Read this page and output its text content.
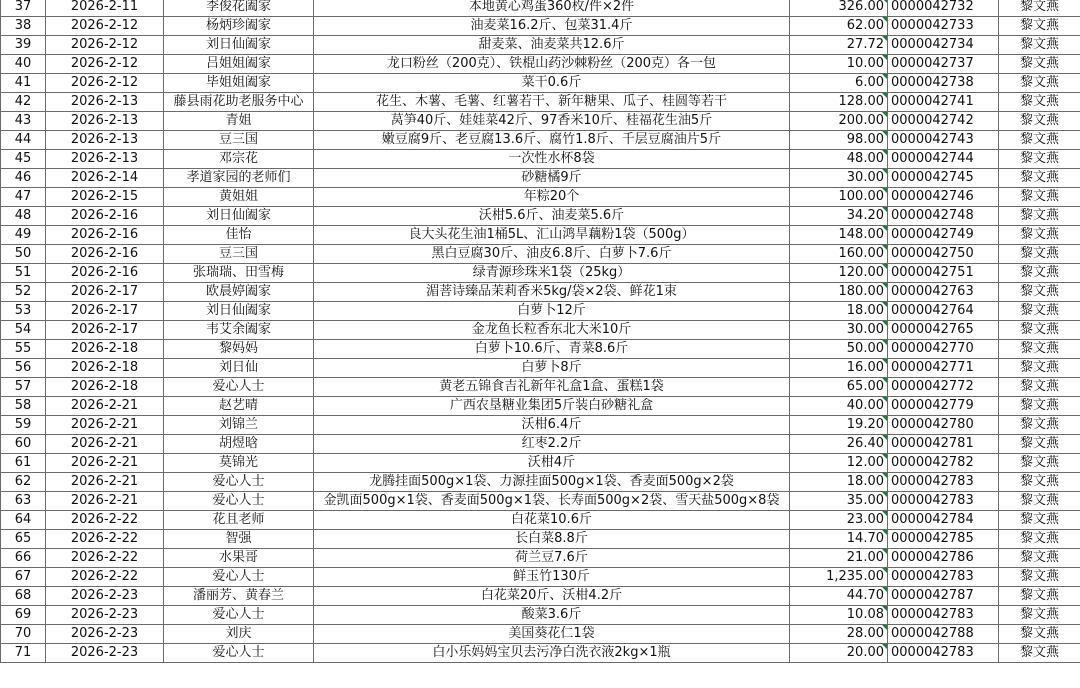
37	2026-2-11	李俊花阖家	本地黄心鸡蛋360枚/件×2件	326.00	0000042732	黎文燕
38	2026-2-12	杨炳珍阖家	油麦菜16.2斤、包菜31.4斤	62.00	0000042733	黎文燕
39	2026-2-12	刘日仙阖家	甜麦菜、油麦菜共12.6斤	27.72	0000042734	黎文燕
40	2026-2-12	吕姐姐阖家	龙口粉丝（200克）、铁棍山药沙棘粉丝（200克）各一包	10.00	0000042737	黎文燕
41	2026-2-12	毕姐姐阖家	菜干0.6斤	6.00	0000042738	黎文燕
42	2026-2-13	藤县雨花助老服务中心	花生、木薯、毛薯、红薯若干、新年糖果、瓜子、桂圆等若干	128.00	0000042741	黎文燕
43	2026-2-13	青姐	莴笋40斤、娃娃菜42斤、97香米10斤、桂福花生油5斤	200.00	0000042742	黎文燕
44	2026-2-13	豆三国	嫩豆腐9斤、老豆腐13.6斤、腐竹1.8斤、千层豆腐油片5斤	98.00	0000042743	黎文燕
45	2026-2-13	邓宗花	一次性水杯8袋	48.00	0000042744	黎文燕
46	2026-2-14	孝道家园的老师们	砂糖橘9斤	30.00	0000042745	黎文燕
47	2026-2-15	黄姐姐	年粽20个	100.00	0000042746	黎文燕
48	2026-2-16	刘日仙阖家	沃柑5.6斤、油麦菜5.6斤	34.20	0000042748	黎文燕
49	2026-2-16	佳怡	良大头花生油1桶5L、汇山鸿旱藕粉1袋（500g）	148.00	0000042749	黎文燕
50	2026-2-16	豆三国	黑白豆腐30斤、油皮6.8斤、白萝卜7.6斤	160.00	0000042750	黎文燕
51	2026-2-16	张瑞瑞、田雪梅	绿青源珍珠米1袋（25kg）	120.00	0000042751	黎文燕
52	2026-2-17	欧晨婷阖家	湄菩诗臻品茉莉香米5kg/袋×2袋、鲜花1束	180.00	0000042763	黎文燕
53	2026-2-17	刘日仙阖家	白萝卜12斤	18.00	0000042764	黎文燕
54	2026-2-17	韦艾余阖家	金龙鱼长粒香东北大米10斤	30.00	0000042765	黎文燕
55	2026-2-18	黎妈妈	白萝卜10.6斤、青菜8.6斤	50.00	0000042770	黎文燕
56	2026-2-18	刘日仙	白萝卜8斤	16.00	0000042771	黎文燕
57	2026-2-18	爱心人士	黄老五锦食吉礼新年礼盒1盒、蛋糕1袋	65.00	0000042772	黎文燕
58	2026-2-21	赵艺晴	广西农垦糖业集团5斤装白砂糖礼盒	40.00	0000042779	黎文燕
59	2026-2-21	刘锦兰	沃柑6.4斤	19.20	0000042780	黎文燕
60	2026-2-21	胡煜晗	红枣2.2斤	26.40	0000042781	黎文燕
61	2026-2-21	莫锦光	沃柑4斤	12.00	0000042782	黎文燕
62	2026-2-21	爱心人士	龙腾挂面500g×1袋、力源挂面500g×1袋、香麦面500g×2袋	18.00	0000042783	黎文燕
63	2026-2-21	爱心人士	金凯面500g×1袋、香麦面500g×1袋、长寿面500g×2袋、雪天盐500g×8袋	35.00	0000042783	黎文燕
64	2026-2-22	花且老师	白花菜10.6斤	23.00	0000042784	黎文燕
65	2026-2-22	智强	长白菜8.8斤	14.70	0000042785	黎文燕
66	2026-2-22	水果哥	荷兰豆7.6斤	21.00	0000042786	黎文燕
67	2026-2-22	爱心人士	鲜玉竹130斤	1,235.00	0000042783	黎文燕
68	2026-2-23	潘丽芳、黄春兰	白花菜20斤、沃柑4.2斤	44.70	0000042787	黎文燕
69	2026-2-23	爱心人士	酸菜3.6斤	10.08	0000042783	黎文燕
70	2026-2-23	刘庆	美国葵花仁1袋	28.00	0000042788	黎文燕
71	2026-2-23	爱心人士	白小乐妈妈宝贝去污净白洗衣液2kg×1瓶	20.00	0000042783	黎文燕
